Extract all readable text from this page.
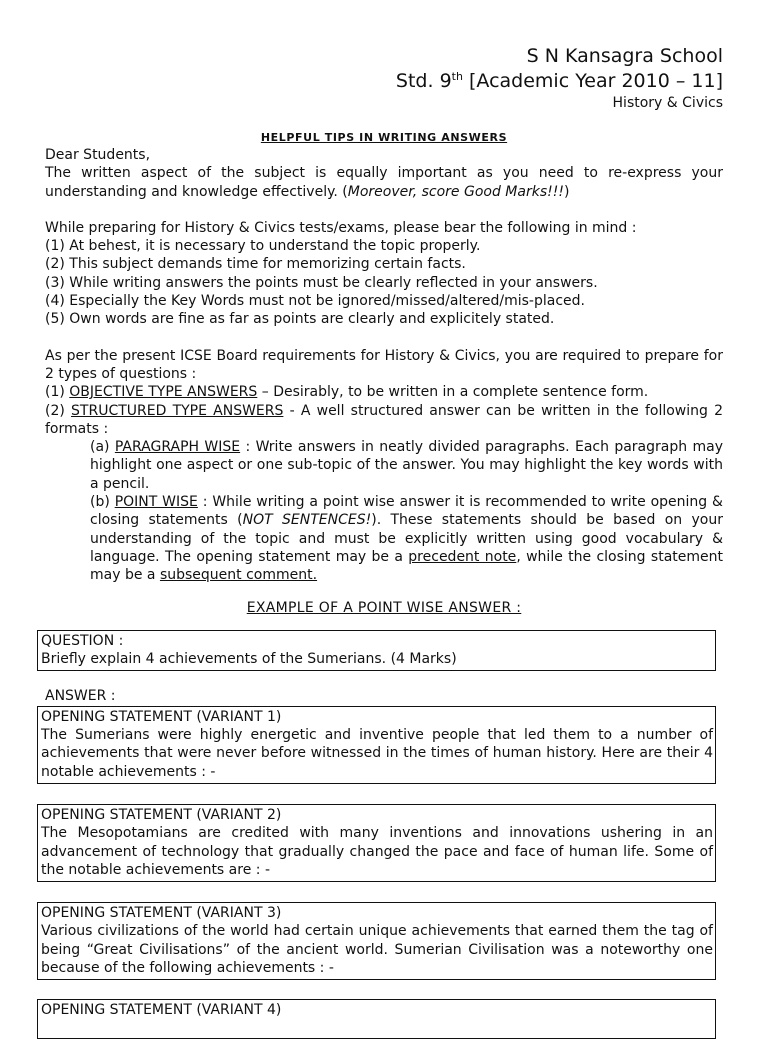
S N Kansagra School
Std. 9th [Academic Year 2010 – 11]
History & Civics
HELPFUL TIPS IN WRITING ANSWERS

Dear Students,

The written aspect of the subject is equally important as you need to re-express your understanding and knowledge effectively. (Moreover, score Good Marks!!!)

While preparing for History & Civics tests/exams, please bear the following in mind :

(1) At behest, it is necessary to understand the topic properly.

(2) This subject demands time for memorizing certain facts.

(3) While writing answers the points must be clearly reflected in your answers.

(4) Especially the Key Words must not be ignored/missed/altered/mis-placed.

(5) Own words are fine as far as points are clearly and explicitely stated.

As per the present ICSE Board requirements for History & Civics, you are required to prepare for 2 types of questions :

(1) OBJECTIVE TYPE ANSWERS – Desirably, to be written in a complete sentence form.

(2) STRUCTURED TYPE ANSWERS - A well structured answer can be written in the following 2 formats :

(a) PARAGRAPH WISE : Write answers in neatly divided paragraphs. Each paragraph may highlight one aspect or one sub-topic of the answer. You may highlight the key words with a pencil.

(b) POINT WISE : While writing a point wise answer it is recommended to write opening & closing statements (NOT SENTENCES!). These statements should be based on your understanding of the topic and must be explicitly written using good vocabulary & language. The opening statement may be a precedent note, while the closing statement may be a subsequent comment.

EXAMPLE OF A POINT WISE ANSWER :

QUESTION :

Briefly explain 4 achievements of the Sumerians. (4 Marks)

ANSWER :

OPENING STATEMENT (VARIANT 1)

The Sumerians were highly energetic and inventive people that led them to a number of achievements that were never before witnessed in the times of human history. Here are their 4 notable achievements : -

OPENING STATEMENT (VARIANT 2)

The Mesopotamians are credited with many inventions and innovations ushering in an advancement of technology that gradually changed the pace and face of human life. Some of the notable achievements are : -

OPENING STATEMENT (VARIANT 3)

Various civilizations of the world had certain unique achievements that earned them the tag of being “Great Civilisations” of the ancient world. Sumerian Civilisation was a noteworthy one because of the following achievements : -

OPENING STATEMENT (VARIANT 4)
